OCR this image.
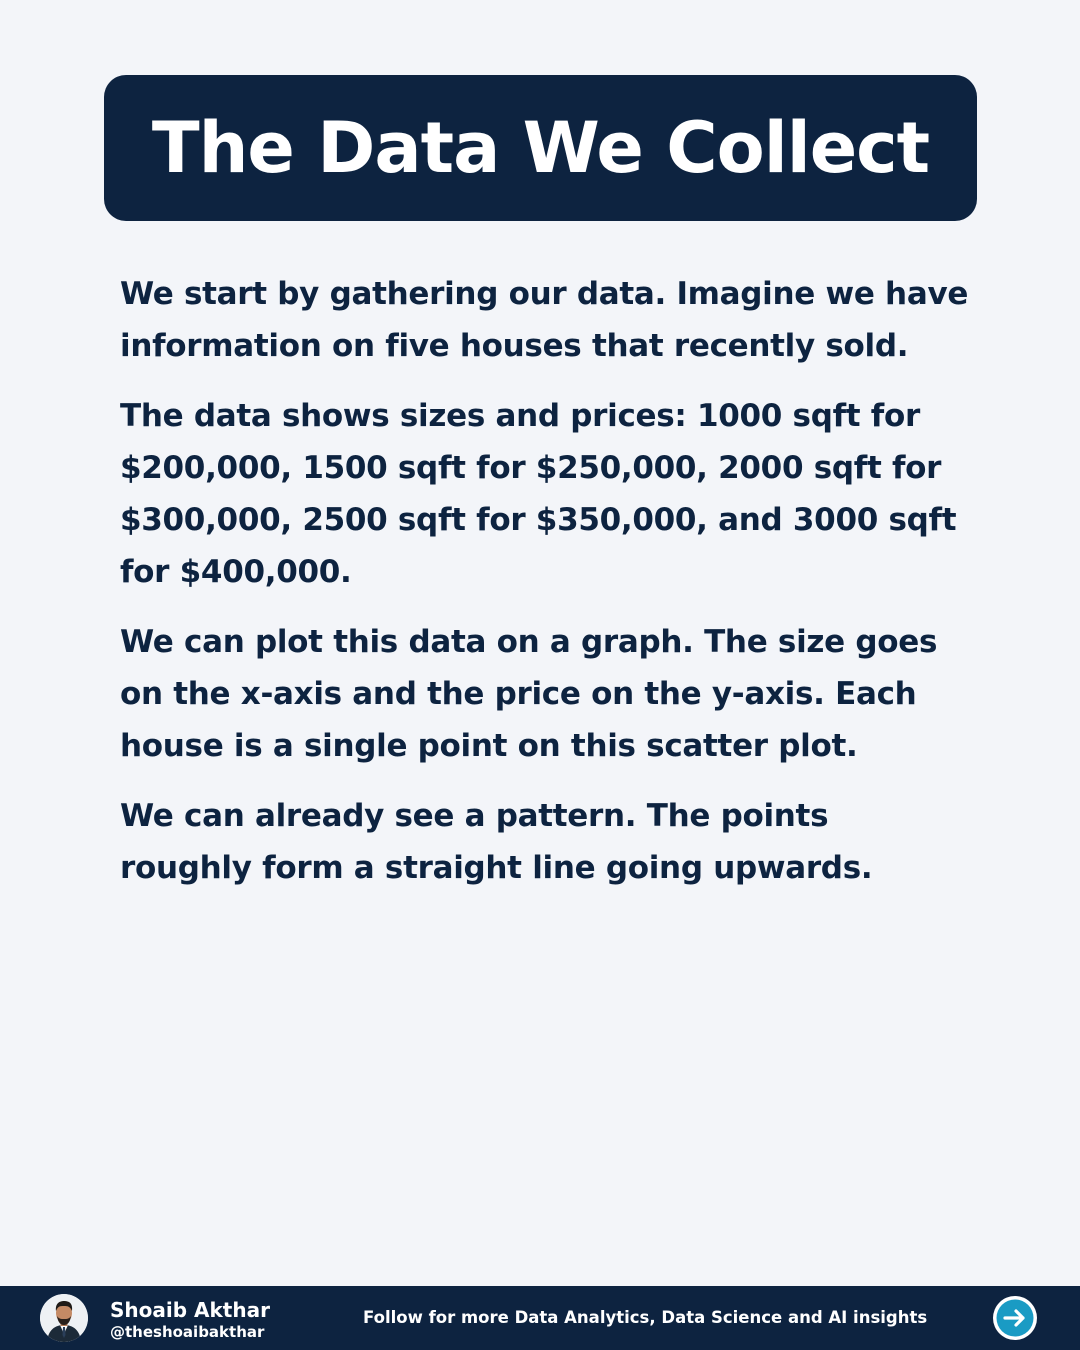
The Data We Collect

We start by gathering our data. Imagine we have information on five houses that recently sold.

The data shows sizes and prices: 1000 sqft for $200,000, 1500 sqft for $250,000, 2000 sqft for $300,000, 2500 sqft for $350,000, and 3000 sqft for $400,000.

We can plot this data on a graph. The size goes on the x-axis and the price on the y-axis. Each house is a single point on this scatter plot.

We can already see a pattern. The points roughly form a straight line going upwards.

Shoaib Akthar
@theshoaibakthar
Follow for more Data Analytics, Data Science and AI insights
